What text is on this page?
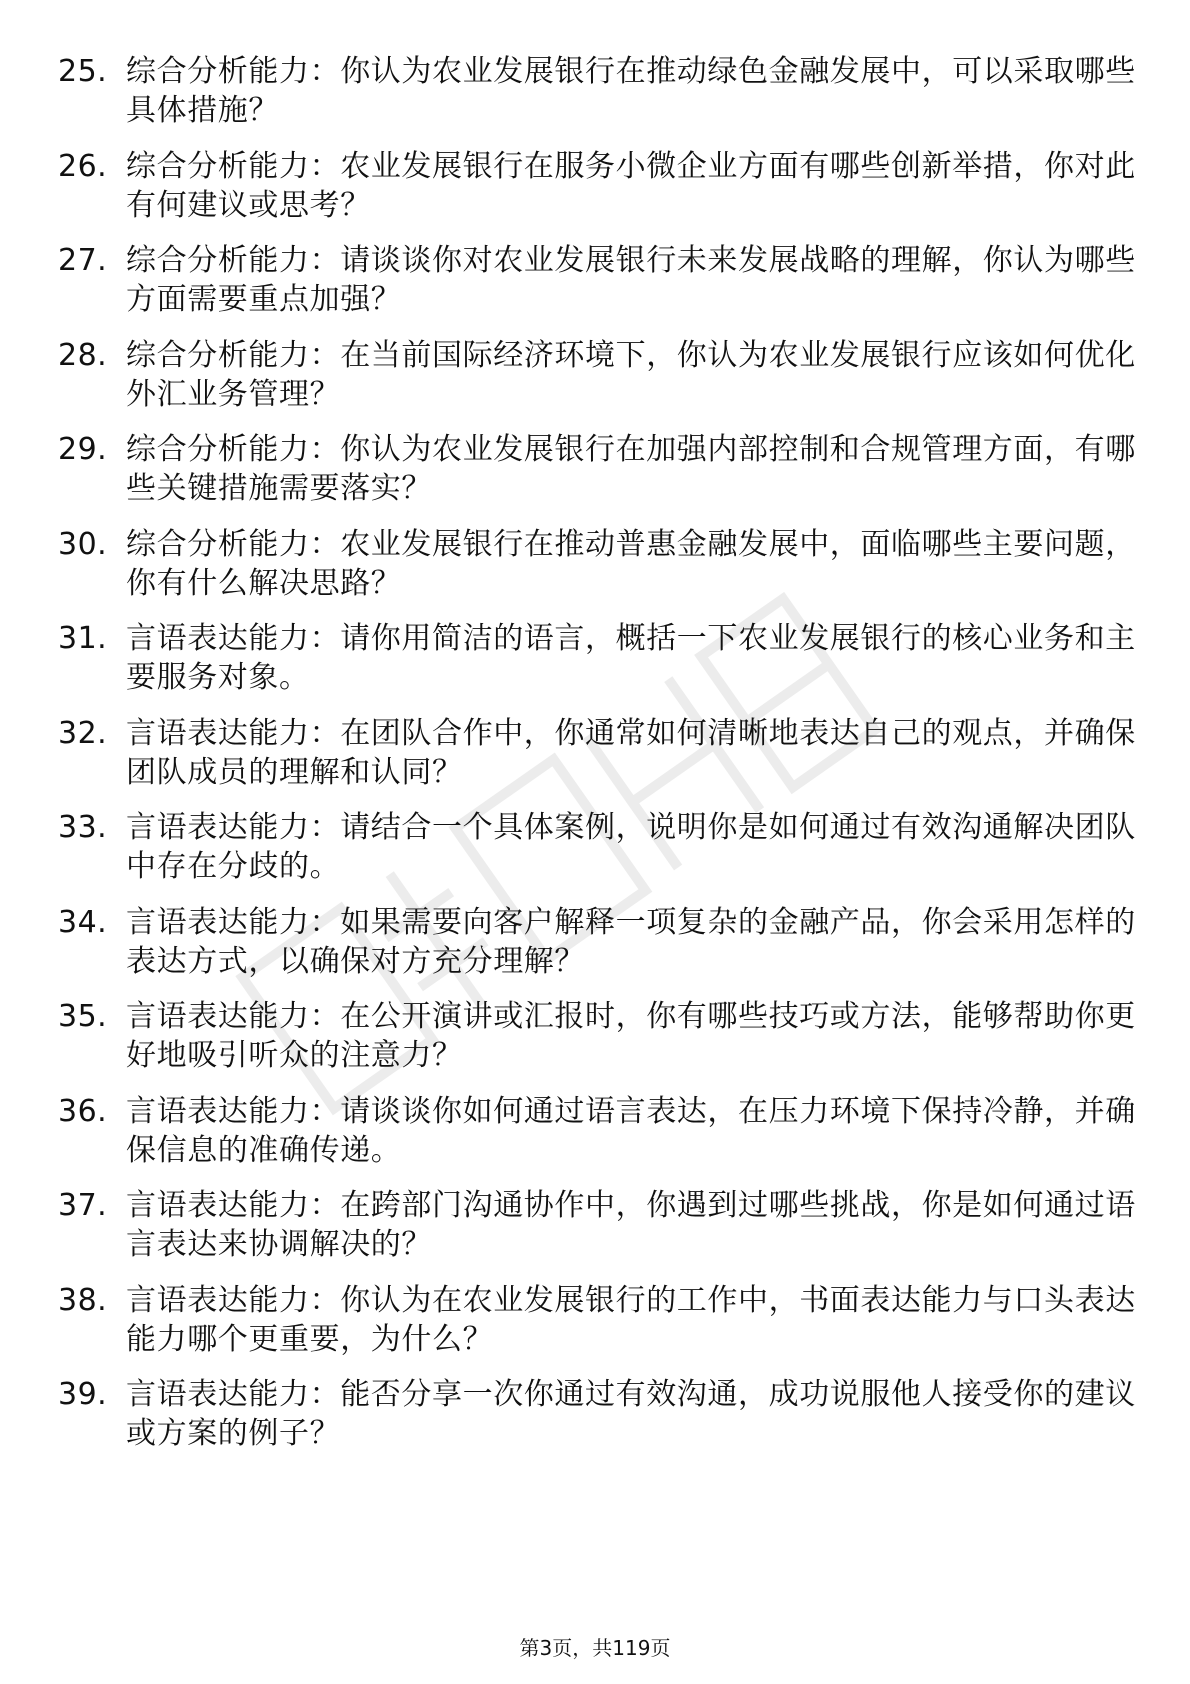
25. 综合分析能力：你认为农业发展银行在推动绿色金融发展中，可以采取哪些具体措施？
26. 综合分析能力：农业发展银行在服务小微企业方面有哪些创新举措，你对此有何建议或思考？
27. 综合分析能力：请谈谈你对农业发展银行未来发展战略的理解，你认为哪些方面需要重点加强？
28. 综合分析能力：在当前国际经济环境下，你认为农业发展银行应该如何优化外汇业务管理？
29. 综合分析能力：你认为农业发展银行在加强内部控制和合规管理方面，有哪些关键措施需要落实？
30. 综合分析能力：农业发展银行在推动普惠金融发展中，面临哪些主要问题，你有什么解决思路？
31. 言语表达能力：请你用简洁的语言，概括一下农业发展银行的核心业务和主要服务对象。
32. 言语表达能力：在团队合作中，你通常如何清晰地表达自己的观点，并确保团队成员的理解和认同？
33. 言语表达能力：请结合一个具体案例，说明你是如何通过有效沟通解决团队中存在分歧的。
34. 言语表达能力：如果需要向客户解释一项复杂的金融产品，你会采用怎样的表达方式，以确保对方充分理解？
35. 言语表达能力：在公开演讲或汇报时，你有哪些技巧或方法，能够帮助你更好地吸引听众的注意力？
36. 言语表达能力：请谈谈你如何通过语言表达，在压力环境下保持冷静，并确保信息的准确传递。
37. 言语表达能力：在跨部门沟通协作中，你遇到过哪些挑战，你是如何通过语言表达来协调解决的？
38. 言语表达能力：你认为在农业发展银行的工作中，书面表达能力与口头表达能力哪个更重要，为什么？
39. 言语表达能力：能否分享一次你通过有效沟通，成功说服他人接受你的建议或方案的例子？
第3页，共119页
